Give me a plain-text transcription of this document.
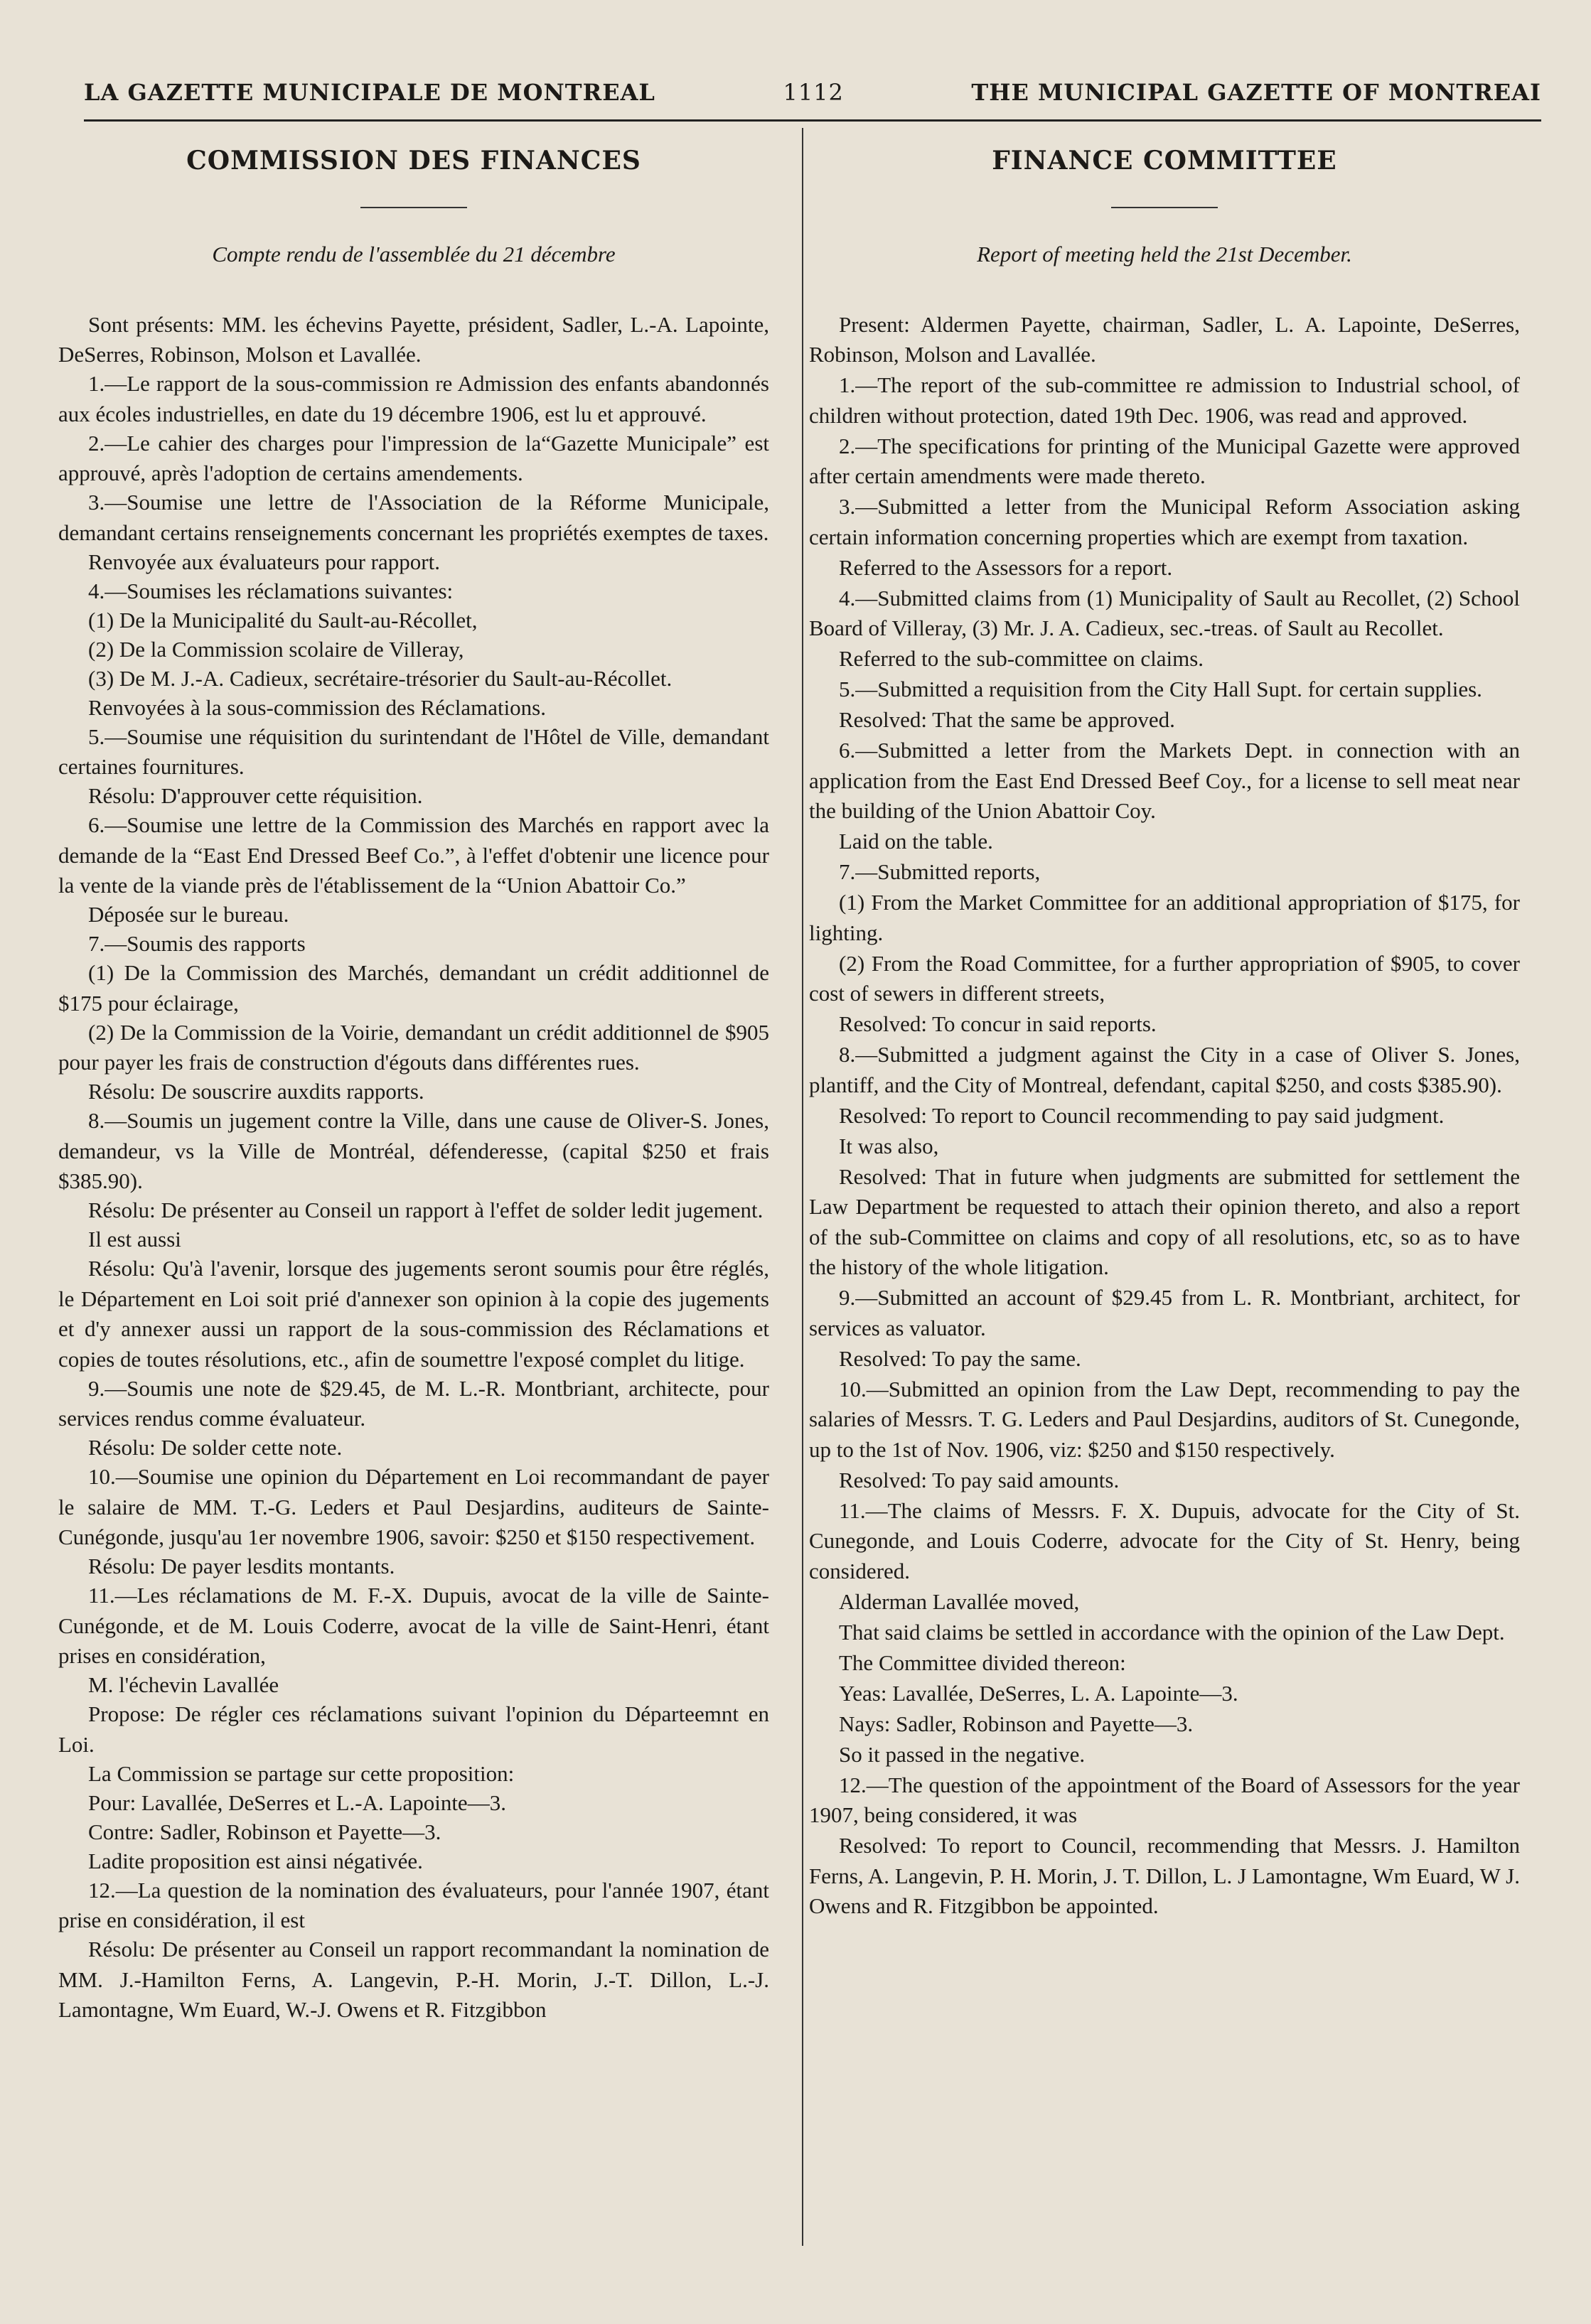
LA GAZETTE MUNICIPALE DE MONTREAL	1112	THE MUNICIPAL GAZETTE OF MONTREAI
COMMISSION DES FINANCES
Compte rendu de l'assemblée du 21 décembre

Sont présents: MM. les échevins Payette, président, Sadler, L.-A. Lapointe, DeSerres, Robinson, Molson et Lavallée.

1.—Le rapport de la sous-commission re Admission des enfants abandonnés aux écoles industrielles, en date du 19 décembre 1906, est lu et approuvé.

2.—Le cahier des charges pour l'impression de la“Gazette Municipale” est approuvé, après l'adoption de certains amendements.

3.—Soumise une lettre de l'Association de la Réforme Municipale, demandant certains renseignements concernant les propriétés exemptes de taxes.

Renvoyée aux évaluateurs pour rapport.

4.—Soumises les réclamations suivantes:

(1) De la Municipalité du Sault-au-Récollet,

(2) De la Commission scolaire de Villeray,

(3) De M. J.-A. Cadieux, secrétaire-trésorier du Sault-au-Récollet.

Renvoyées à la sous-commission des Réclamations.

5.—Soumise une réquisition du surintendant de l'Hôtel de Ville, demandant certaines fournitures.

Résolu: D'approuver cette réquisition.

6.—Soumise une lettre de la Commission des Marchés en rapport avec la demande de la “East End Dressed Beef Co.”, à l'effet d'obtenir une licence pour la vente de la viande près de l'établissement de la “Union Abattoir Co.”

Déposée sur le bureau.

7.—Soumis des rapports

(1) De la Commission des Marchés, demandant un crédit additionnel de $175 pour éclairage,

(2) De la Commission de la Voirie, demandant un crédit additionnel de $905 pour payer les frais de construction d'égouts dans différentes rues.

Résolu: De souscrire auxdits rapports.

8.—Soumis un jugement contre la Ville, dans une cause de Oliver-S. Jones, demandeur, vs la Ville de Montréal, défenderesse, (capital $250 et frais $385.90).

Résolu: De présenter au Conseil un rapport à l'effet de solder ledit jugement.

Il est aussi

Résolu: Qu'à l'avenir, lorsque des jugements seront soumis pour être réglés, le Département en Loi soit prié d'annexer son opinion à la copie des jugements et d'y annexer aussi un rapport de la sous-commission des Réclamations et copies de toutes résolutions, etc., afin de soumettre l'exposé complet du litige.

9.—Soumis une note de $29.45, de M. L.-R. Montbriant, architecte, pour services rendus comme évaluateur.

Résolu: De solder cette note.

10.—Soumise une opinion du Département en Loi recommandant de payer le salaire de MM. T.-G. Leders et Paul Desjardins, auditeurs de Sainte-Cunégonde, jusqu'au 1er novembre 1906, savoir: $250 et $150 respectivement.

Résolu: De payer lesdits montants.

11.—Les réclamations de M. F.-X. Dupuis, avocat de la ville de Sainte-Cunégonde, et de M. Louis Coderre, avocat de la ville de Saint-Henri, étant prises en considération,

M. l'échevin Lavallée

Propose: De régler ces réclamations suivant l'opinion du Départeemnt en Loi.

La Commission se partage sur cette proposition:

Pour: Lavallée, DeSerres et L.-A. Lapointe—3.

Contre: Sadler, Robinson et Payette—3.

Ladite proposition est ainsi négativée.

12.—La question de la nomination des évaluateurs, pour l'année 1907, étant prise en considération, il est

Résolu: De présenter au Conseil un rapport recommandant la nomination de MM. J.-Hamilton Ferns, A. Langevin, P.-H. Morin, J.-T. Dillon, L.-J. Lamontagne, Wm Euard, W.-J. Owens et R. Fitzgibbon

FINANCE COMMITTEE
Report of meeting held the 21st December.

Present: Aldermen Payette, chairman, Sadler, L. A. Lapointe, DeSerres, Robinson, Molson and Lavallée.

1.—The report of the sub-committee re admission to Industrial school, of children without protection, dated 19th Dec. 1906, was read and approved.

2.—The specifications for printing of the Municipal Gazette were approved after certain amendments were made thereto.

3.—Submitted a letter from the Municipal Reform Association asking certain information concerning properties which are exempt from taxation.

Referred to the Assessors for a report.

4.—Submitted claims from (1) Municipality of Sault au Recollet, (2) School Board of Villeray, (3) Mr. J. A. Cadieux, sec.-treas. of Sault au Recollet.

Referred to the sub-committee on claims.

5.—Submitted a requisition from the City Hall Supt. for certain supplies.

Resolved: That the same be approved.

6.—Submitted a letter from the Markets Dept. in connection with an application from the East End Dressed Beef Coy., for a license to sell meat near the building of the Union Abattoir Coy.

Laid on the table.

7.—Submitted reports,

(1) From the Market Committee for an additional appropriation of $175, for lighting.

(2) From the Road Committee, for a further appropriation of $905, to cover cost of sewers in different streets,

Resolved: To concur in said reports.

8.—Submitted a judgment against the City in a case of Oliver S. Jones, plantiff, and the City of Montreal, defendant, capital $250, and costs $385.90).

Resolved: To report to Council recommending to pay said judgment.

It was also,

Resolved: That in future when judgments are submitted for settlement the Law Department be requested to attach their opinion thereto, and also a report of the sub-Committee on claims and copy of all resolutions, etc, so as to have the history of the whole litigation.

9.—Submitted an account of $29.45 from L. R. Montbriant, architect, for services as valuator.

Resolved: To pay the same.

10.—Submitted an opinion from the Law Dept, recommending to pay the salaries of Messrs. T. G. Leders and Paul Desjardins, auditors of St. Cunegonde, up to the 1st of Nov. 1906, viz: $250 and $150 respectively.

Resolved: To pay said amounts.

11.—The claims of Messrs. F. X. Dupuis, advocate for the City of St. Cunegonde, and Louis Coderre, advocate for the City of St. Henry, being considered.

Alderman Lavallée moved,

That said claims be settled in accordance with the opinion of the Law Dept.

The Committee divided thereon:

Yeas: Lavallée, DeSerres, L. A. Lapointe—3.

Nays: Sadler, Robinson and Payette—3.

So it passed in the negative.

12.—The question of the appointment of the Board of Assessors for the year 1907, being considered, it was

Resolved: To report to Council, recommending that Messrs. J. Hamilton Ferns, A. Langevin, P. H. Morin, J. T. Dillon, L. J Lamontagne, Wm Euard, W J. Owens and R. Fitzgibbon be appointed.
